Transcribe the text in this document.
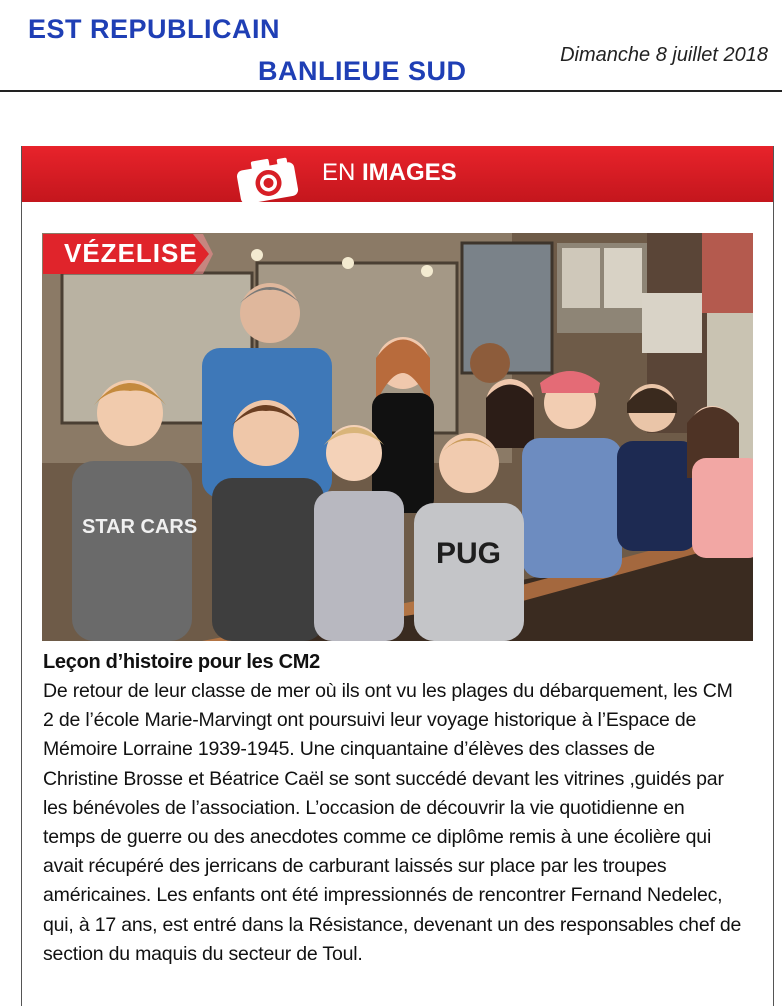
EST REPUBLICAIN
BANLIEUE SUD
Dimanche 8 juillet 2018
EN IMAGES
STAR CARS
PUG
VÉZELISE
Leçon d’histoire pour les CM2
De retour de leur classe de mer où ils ont vu les plages du débarquement, les CM
2 de l’école Marie-Marvingt ont poursuivi leur voyage historique à l’Espace de
Mémoire Lorraine 1939-1945. Une cinquantaine d’élèves des classes de
Christine Brosse et Béatrice Caël se sont succédé devant les vitrines ,guidés par
les bénévoles de l’association. L’occasion de découvrir la vie quotidienne en
temps de guerre ou des anecdotes comme ce diplôme remis à une écolière qui
avait récupéré des jerricans de carburant laissés sur place par les troupes
américaines. Les enfants ont été impressionnés de rencontrer Fernand Nedelec,
qui, à 17 ans, est entré dans la Résistance, devenant un des responsables chef de
section du maquis du secteur de Toul.
